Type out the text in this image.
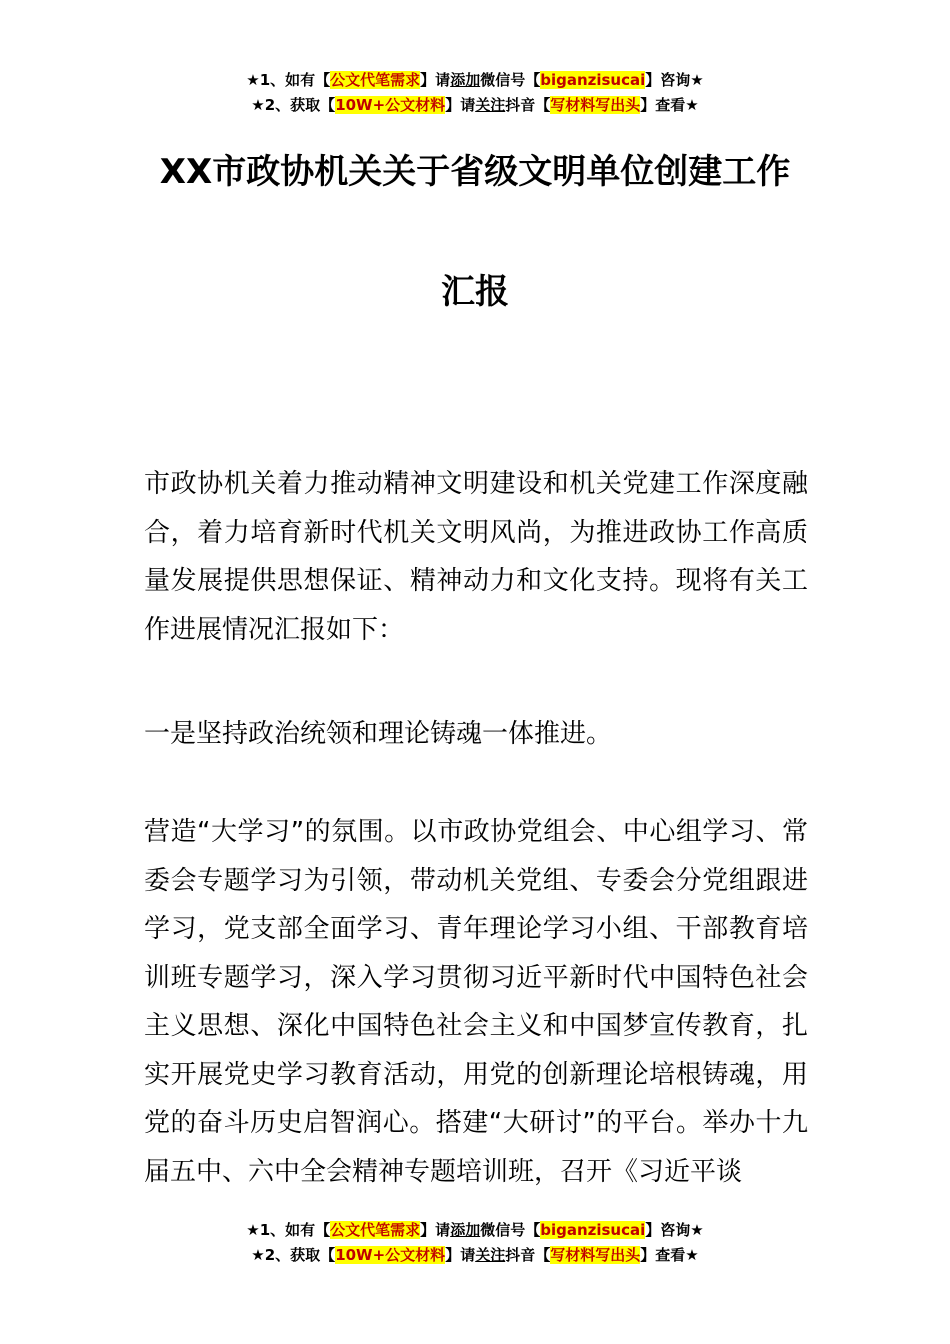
★1、如有【公文代笔需求】请添加微信号【biganzisucai】咨询★
★2、获取【10W+公文材料】请关注抖音【写材料写出头】查看★
XX市政协机关关于省级文明单位创建工作
汇报

市政协机关着力推动精神文明建设和机关党建工作深度融合，着力培育新时代机关文明风尚，为推进政协工作高质量发展提供思想保证、精神动力和文化支持。现将有关工作进展情况汇报如下：

一是坚持政治统领和理论铸魂一体推进。

营造“大学习”的氛围。以市政协党组会、中心组学习、常委会专题学习为引领，带动机关党组、专委会分党组跟进学习，党支部全面学习、青年理论学习小组、干部教育培训班专题学习，深入学习贯彻习近平新时代中国特色社会主义思想、深化中国特色社会主义和中国梦宣传教育，扎实开展党史学习教育活动，用党的创新理论培根铸魂，用党的奋斗历史启智润心。搭建“大研讨”的平台。举办十九届五中、六中全会精神专题培训班，召开《习近平谈

★1、如有【公文代笔需求】请添加微信号【biganzisucai】咨询★
★2、获取【10W+公文材料】请关注抖音【写材料写出头】查看★
